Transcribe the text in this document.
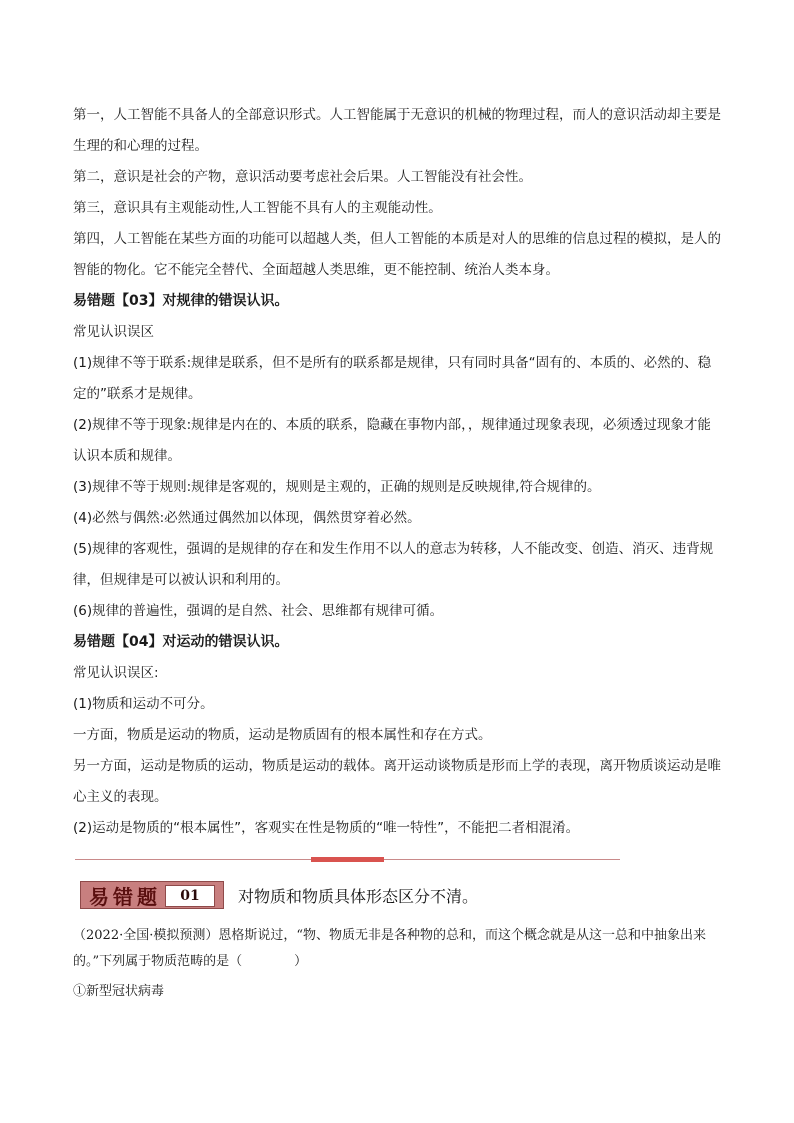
第一，人工智能不具备人的全部意识形式。人工智能属于无意识的机械的物理过程，而人的意识活动却主要是生理的和心理的过程。

第二，意识是社会的产物，意识活动要考虑社会后果。人工智能没有社会性。

第三，意识具有主观能动性,人工智能不具有人的主观能动性。

第四，人工智能在某些方面的功能可以超越人类，但人工智能的本质是对人的思维的信息过程的模拟，是人的智能的物化。它不能完全替代、全面超越人类思维，更不能控制、统治人类本身。

易错题【03】对规律的错误认识。

常见认识误区

(1)规律不等于联系:规律是联系，但不是所有的联系都是规律，只有同时具备“固有的、本质的、必然的、稳定的”联系才是规律。

(2)规律不等于现象:规律是内在的、本质的联系，隐藏在事物内部，，规律通过现象表现，必须透过现象才能认识本质和规律。

(3)规律不等于规则:规律是客观的，规则是主观的，正确的规则是反映规律,符合规律的。

(4)必然与偶然:必然通过偶然加以体现，偶然贯穿着必然。

(5)规律的客观性，强调的是规律的存在和发生作用不以人的意志为转移，人不能改变、创造、消灭、违背规律，但规律是可以被认识和利用的。

(6)规律的普遍性，强调的是自然、社会、思维都有规律可循。

易错题【04】对运动的错误认识。

常见认识误区:

(1)物质和运动不可分。

一方面，物质是运动的物质，运动是物质固有的根本属性和存在方式。

另一方面，运动是物质的运动，物质是运动的载体。离开运动谈物质是形而上学的表现，离开物质谈运动是唯心主义的表现。

(2)运动是物质的“根本属性”，客观实在性是物质的“唯一特性”，不能把二者相混淆。

易错题	01	对物质和物质具体形态区分不清。

（2022·全国·模拟预测）恩格斯说过，“物、物质无非是各种物的总和，而这个概念就是从这一总和中抽象出来的。”下列属于物质范畴的是（　　　　）

①新型冠状病毒
